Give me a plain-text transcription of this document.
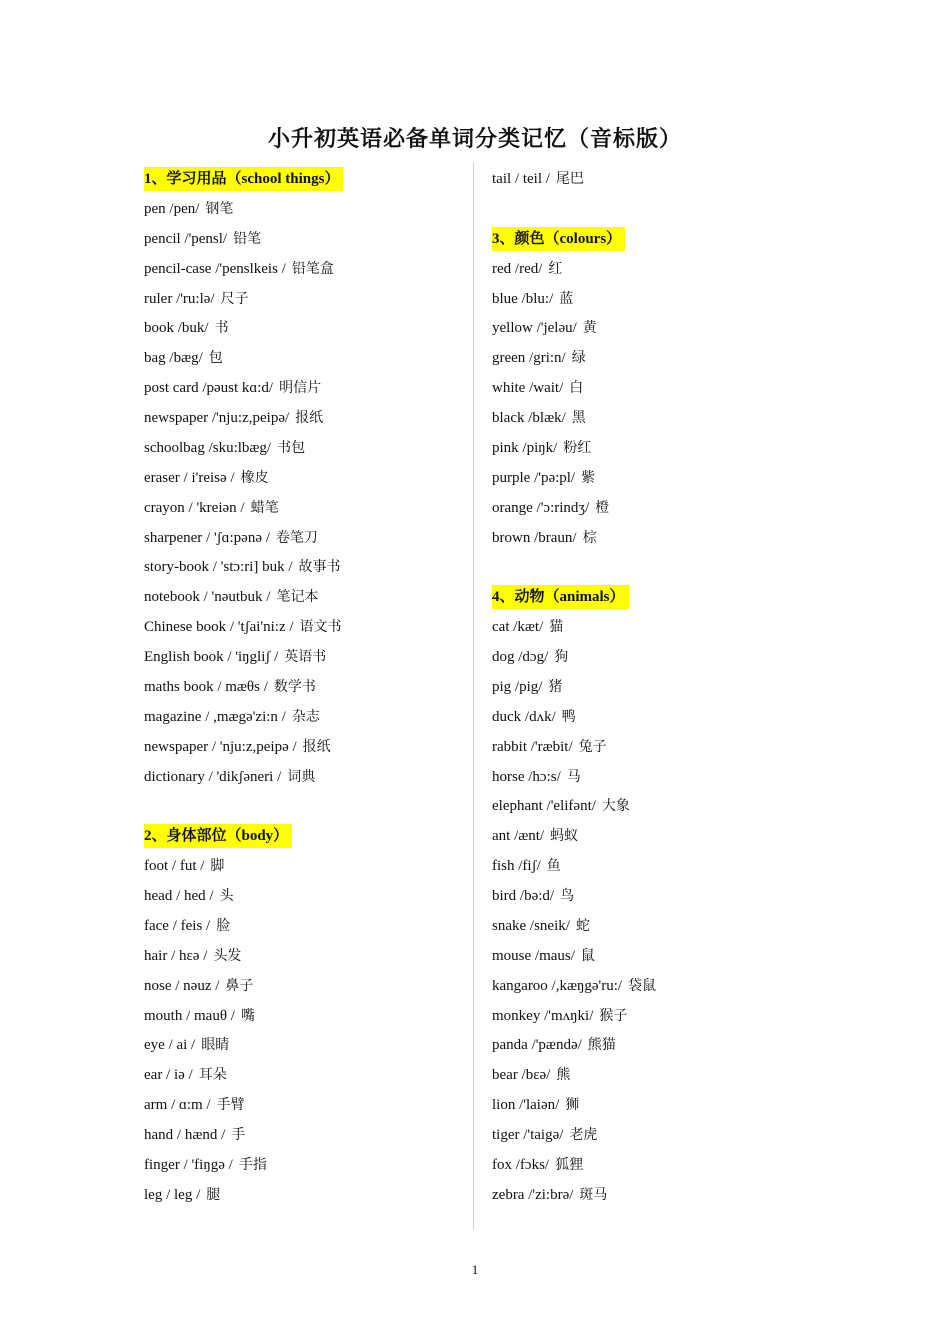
小升初英语必备单词分类记忆（音标版）
1、学习用品（school things）
pen /pen/ 钢笔
pencil /'pensl/ 铅笔
pencil-case /'penslkeis / 铅笔盒
ruler /'ru:lə/ 尺子
book /buk/ 书
bag /bæg/ 包
post card /pəust kɑ:d/ 明信片
newspaper /'nju:z,peipə/ 报纸
schoolbag /sku:lbæg/ 书包
eraser / i'reisə / 橡皮
crayon / 'kreiən / 蜡笔
sharpener / 'ʃɑ:pənə / 卷笔刀
story-book / 'stɔ:ri] buk / 故事书
notebook / 'nəutbuk / 笔记本
Chinese book / 'tʃai'ni:z / 语文书
English book / 'iŋgliʃ / 英语书
maths book / mæθs / 数学书
magazine / ,mægə'zi:n / 杂志
newspaper / 'nju:z,peipə / 报纸
dictionary / 'dikʃəneri / 词典
2、身体部位（body）
foot / fut / 脚
head / hed / 头
face / feis / 脸
hair / hɛə / 头发
nose / nəuz / 鼻子
mouth / mauθ / 嘴
eye / ai / 眼睛
ear / iə / 耳朵
arm / ɑ:m / 手臂
hand / hænd / 手
finger / 'fiŋgə / 手指
leg / leg / 腿
tail / teil / 尾巴
3、颜色（colours）
red /red/ 红
blue /blu:/ 蓝
yellow /'jeləu/ 黄
green /gri:n/ 绿
white /wait/ 白
black /blæk/ 黑
pink /piŋk/ 粉红
purple /'pə:pl/ 紫
orange /'ɔ:rindʒ/ 橙
brown /braun/ 棕
4、动物（animals）
cat /kæt/ 猫
dog /dɔg/ 狗
pig /pig/ 猪
duck /dʌk/ 鸭
rabbit /'ræbit/ 兔子
horse /hɔ:s/ 马
elephant /'elifənt/ 大象
ant /ænt/ 蚂蚁
fish /fiʃ/ 鱼
bird /bə:d/ 鸟
snake /sneik/ 蛇
mouse /maus/ 鼠
kangaroo /,kæŋgə'ru:/ 袋鼠
monkey /'mʌŋki/ 猴子
panda /'pændə/ 熊猫
bear /bɛə/ 熊
lion /'laiən/ 狮
tiger /'taigə/ 老虎
fox /fɔks/ 狐狸
zebra /'zi:brə/ 斑马
1
